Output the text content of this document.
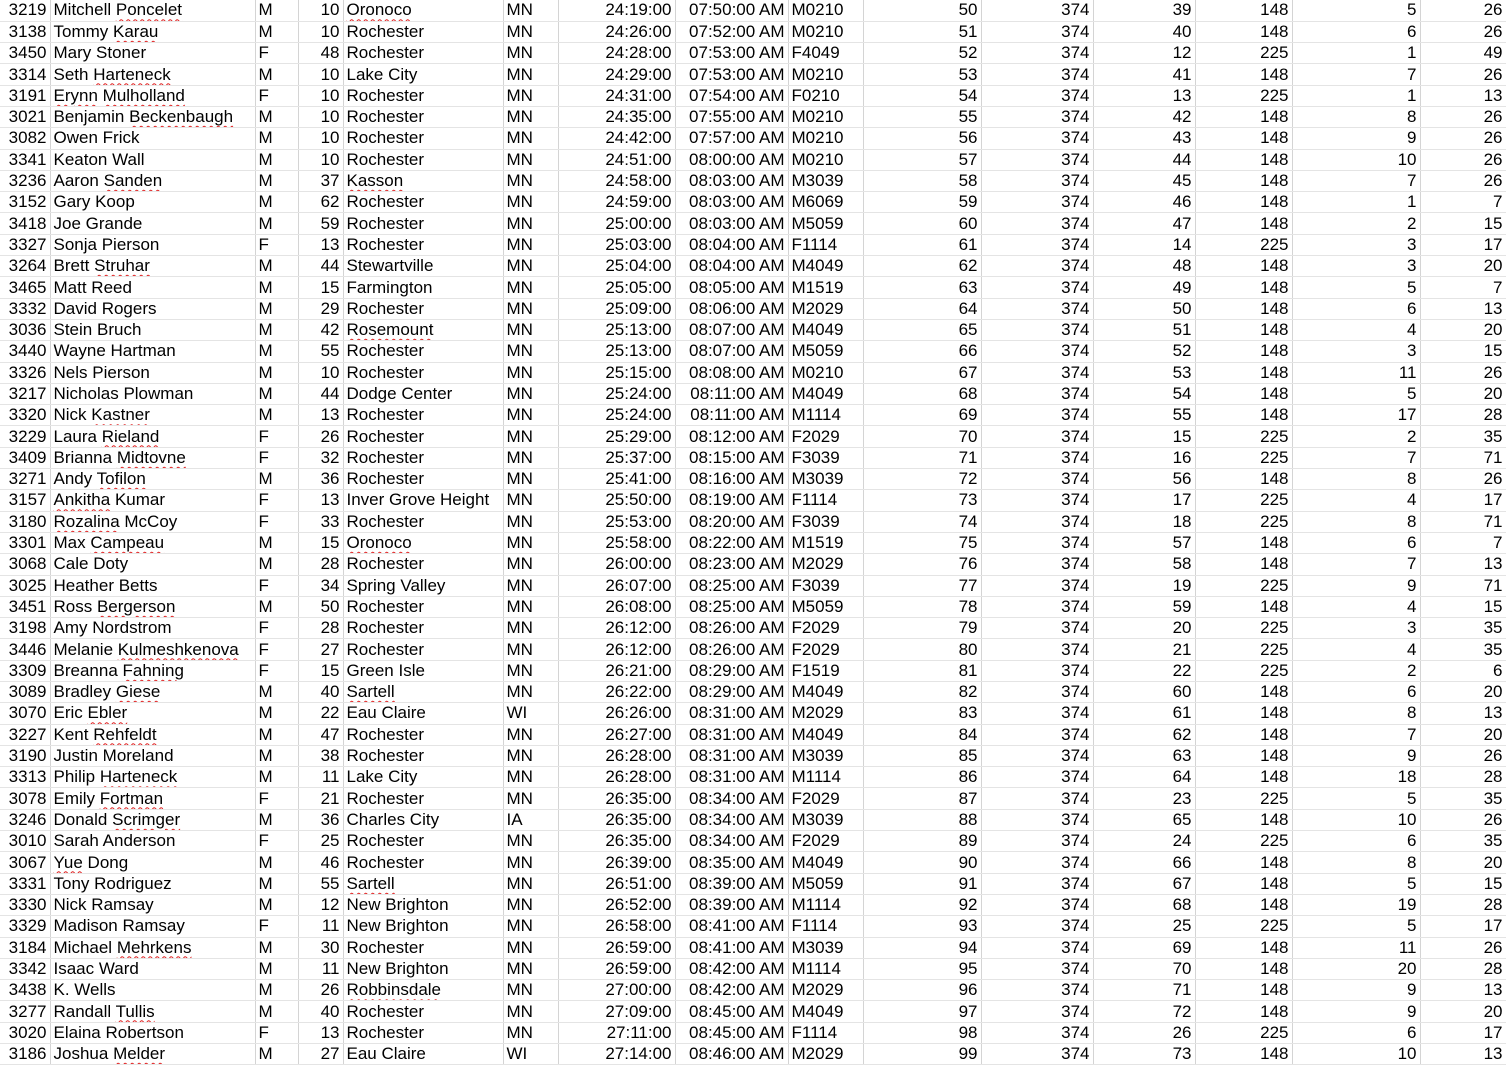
3219	Mitchell Poncelet	M	10	Oronoco	MN	24:19:00	07:50:00 AM	M0210	50	374	39	148	5	26
3138	Tommy Karau	M	10	Rochester	MN	24:26:00	07:52:00 AM	M0210	51	374	40	148	6	26
3450	Mary Stoner	F	48	Rochester	MN	24:28:00	07:53:00 AM	F4049	52	374	12	225	1	49
3314	Seth Harteneck	M	10	Lake City	MN	24:29:00	07:53:00 AM	M0210	53	374	41	148	7	26
3191	Erynn Mulholland	F	10	Rochester	MN	24:31:00	07:54:00 AM	F0210	54	374	13	225	1	13
3021	Benjamin Beckenbaugh	M	10	Rochester	MN	24:35:00	07:55:00 AM	M0210	55	374	42	148	8	26
3082	Owen Frick	M	10	Rochester	MN	24:42:00	07:57:00 AM	M0210	56	374	43	148	9	26
3341	Keaton Wall	M	10	Rochester	MN	24:51:00	08:00:00 AM	M0210	57	374	44	148	10	26
3236	Aaron Sanden	M	37	Kasson	MN	24:58:00	08:03:00 AM	M3039	58	374	45	148	7	26
3152	Gary Koop	M	62	Rochester	MN	24:59:00	08:03:00 AM	M6069	59	374	46	148	1	7
3418	Joe Grande	M	59	Rochester	MN	25:00:00	08:03:00 AM	M5059	60	374	47	148	2	15
3327	Sonja Pierson	F	13	Rochester	MN	25:03:00	08:04:00 AM	F1114	61	374	14	225	3	17
3264	Brett Struhar	M	44	Stewartville	MN	25:04:00	08:04:00 AM	M4049	62	374	48	148	3	20
3465	Matt Reed	M	15	Farmington	MN	25:05:00	08:05:00 AM	M1519	63	374	49	148	5	7
3332	David Rogers	M	29	Rochester	MN	25:09:00	08:06:00 AM	M2029	64	374	50	148	6	13
3036	Stein Bruch	M	42	Rosemount	MN	25:13:00	08:07:00 AM	M4049	65	374	51	148	4	20
3440	Wayne Hartman	M	55	Rochester	MN	25:13:00	08:07:00 AM	M5059	66	374	52	148	3	15
3326	Nels Pierson	M	10	Rochester	MN	25:15:00	08:08:00 AM	M0210	67	374	53	148	11	26
3217	Nicholas Plowman	M	44	Dodge Center	MN	25:24:00	08:11:00 AM	M4049	68	374	54	148	5	20
3320	Nick Kastner	M	13	Rochester	MN	25:24:00	08:11:00 AM	M1114	69	374	55	148	17	28
3229	Laura Rieland	F	26	Rochester	MN	25:29:00	08:12:00 AM	F2029	70	374	15	225	2	35
3409	Brianna Midtovne	F	32	Rochester	MN	25:37:00	08:15:00 AM	F3039	71	374	16	225	7	71
3271	Andy Tofilon	M	36	Rochester	MN	25:41:00	08:16:00 AM	M3039	72	374	56	148	8	26
3157	Ankitha Kumar	F	13	Inver Grove Height	MN	25:50:00	08:19:00 AM	F1114	73	374	17	225	4	17
3180	Rozalina McCoy	F	33	Rochester	MN	25:53:00	08:20:00 AM	F3039	74	374	18	225	8	71
3301	Max Campeau	M	15	Oronoco	MN	25:58:00	08:22:00 AM	M1519	75	374	57	148	6	7
3068	Cale Doty	M	28	Rochester	MN	26:00:00	08:23:00 AM	M2029	76	374	58	148	7	13
3025	Heather Betts	F	34	Spring Valley	MN	26:07:00	08:25:00 AM	F3039	77	374	19	225	9	71
3451	Ross Bergerson	M	50	Rochester	MN	26:08:00	08:25:00 AM	M5059	78	374	59	148	4	15
3198	Amy Nordstrom	F	28	Rochester	MN	26:12:00	08:26:00 AM	F2029	79	374	20	225	3	35
3446	Melanie Kulmeshkenova	F	27	Rochester	MN	26:12:00	08:26:00 AM	F2029	80	374	21	225	4	35
3309	Breanna Fahning	F	15	Green Isle	MN	26:21:00	08:29:00 AM	F1519	81	374	22	225	2	6
3089	Bradley Giese	M	40	Sartell	MN	26:22:00	08:29:00 AM	M4049	82	374	60	148	6	20
3070	Eric Ebler	M	22	Eau Claire	WI	26:26:00	08:31:00 AM	M2029	83	374	61	148	8	13
3227	Kent Rehfeldt	M	47	Rochester	MN	26:27:00	08:31:00 AM	M4049	84	374	62	148	7	20
3190	Justin Moreland	M	38	Rochester	MN	26:28:00	08:31:00 AM	M3039	85	374	63	148	9	26
3313	Philip Harteneck	M	11	Lake City	MN	26:28:00	08:31:00 AM	M1114	86	374	64	148	18	28
3078	Emily Fortman	F	21	Rochester	MN	26:35:00	08:34:00 AM	F2029	87	374	23	225	5	35
3246	Donald Scrimger	M	36	Charles City	IA	26:35:00	08:34:00 AM	M3039	88	374	65	148	10	26
3010	Sarah Anderson	F	25	Rochester	MN	26:35:00	08:34:00 AM	F2029	89	374	24	225	6	35
3067	Yue Dong	M	46	Rochester	MN	26:39:00	08:35:00 AM	M4049	90	374	66	148	8	20
3331	Tony Rodriguez	M	55	Sartell	MN	26:51:00	08:39:00 AM	M5059	91	374	67	148	5	15
3330	Nick Ramsay	M	12	New Brighton	MN	26:52:00	08:39:00 AM	M1114	92	374	68	148	19	28
3329	Madison Ramsay	F	11	New Brighton	MN	26:58:00	08:41:00 AM	F1114	93	374	25	225	5	17
3184	Michael Mehrkens	M	30	Rochester	MN	26:59:00	08:41:00 AM	M3039	94	374	69	148	11	26
3342	Isaac Ward	M	11	New Brighton	MN	26:59:00	08:42:00 AM	M1114	95	374	70	148	20	28
3438	K. Wells	M	26	Robbinsdale	MN	27:00:00	08:42:00 AM	M2029	96	374	71	148	9	13
3277	Randall Tullis	M	40	Rochester	MN	27:09:00	08:45:00 AM	M4049	97	374	72	148	9	20
3020	Elaina Robertson	F	13	Rochester	MN	27:11:00	08:45:00 AM	F1114	98	374	26	225	6	17
3186	Joshua Melder	M	27	Eau Claire	WI	27:14:00	08:46:00 AM	M2029	99	374	73	148	10	13
